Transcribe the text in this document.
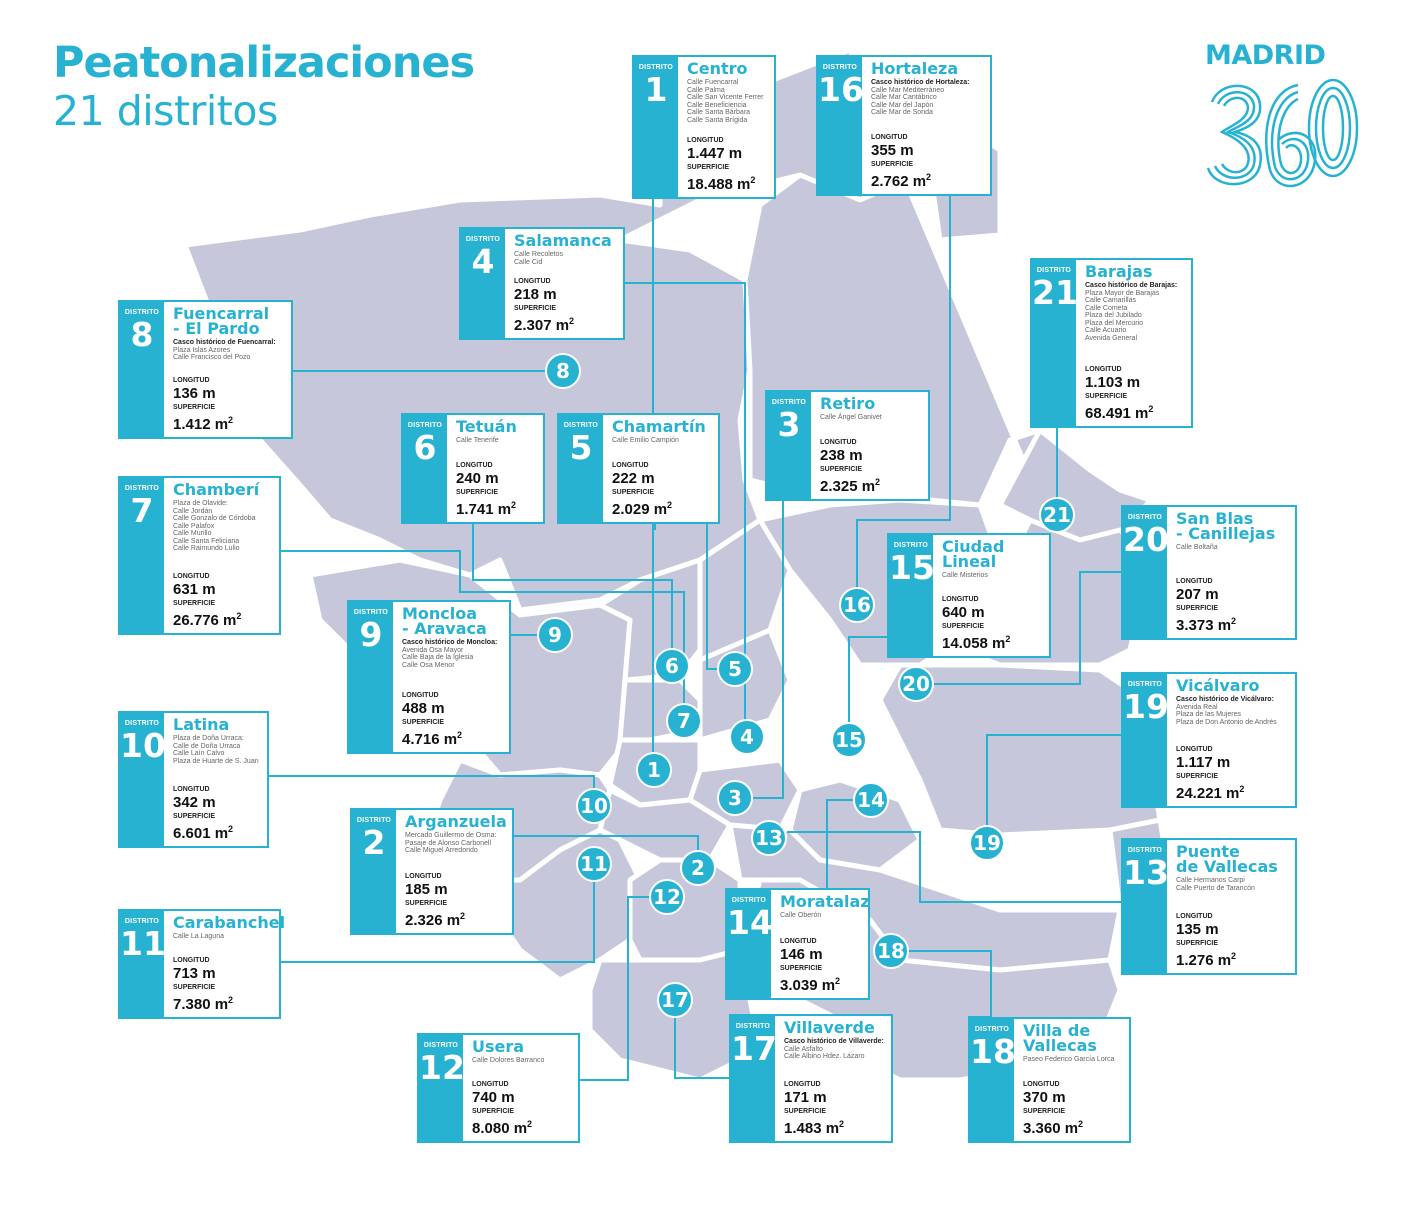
Peatonalizaciones
21 distritos
MADRID
DISTRITO
1
Centro
Calle Fuencarral
Calle Palma
Calle San Vicente Ferrer
Calle Beneficiencia
Calle Santa Bárbara
Calle Santa Brígida
LONGITUD
1.447 m
SUPERFICIE
18.488 $m^2$
DISTRITO
16
Hortaleza
Casco histórico de Hortaleza:
Calle Mar Mediterráneo
Calle Mar Cantábrico
Calle Mar del Japón
Calle Mar de Sonda
LONGITUD
355 m
SUPERFICIE
2.762 $m^2$
DISTRITO
4
Salamanca
Calle Recoletos
Calle Cid
LONGITUD
218 m
SUPERFICIE
2.307 $m^2$
DISTRITO
21
Barajas
Casco histórico de Barajas:
Plaza Mayor de Barajas
Calle Camarillas
Calle Cometa
Plaza del Jubilado
Plaza del Mercurio
Calle Acuario
Avenida General
LONGITUD
1.103 m
SUPERFICIE
68.491 $m^2$
DISTRITO
8
Fuencarral
- El Pardo
Casco histórico de Fuencarral:
Plaza Islas Azores
Calle Francisco del Pozo
LONGITUD
136 m
SUPERFICIE
1.412 $m^2$
DISTRITO
3
Retiro
Calle Ángel Ganivet
LONGITUD
238 m
SUPERFICIE
2.325 $m^2$
DISTRITO
6
Tetuán
Calle Tenerife
LONGITUD
240 m
SUPERFICIE
1.741 $m^2$
DISTRITO
5
Chamartín
Calle Emilio Campión
LONGITUD
222 m
SUPERFICIE
2.029 $m^2$
DISTRITO
7
Chamberí
Plaza de Olavide:
Calle Jordán
Calle Gonzalo de Córdoba
Calle Palafox
Calle Murillo
Calle Santa Feliciana
Calle Raimundo Lulio
LONGITUD
631 m
SUPERFICIE
26.776 $m^2$
DISTRITO
20
San Blas
- Canillejas
Calle Boltaña
LONGITUD
207 m
SUPERFICIE
3.373 $m^2$
DISTRITO
15
Ciudad
Lineal
Calle Misterios
LONGITUD
640 m
SUPERFICIE
14.058 $m^2$
DISTRITO
9
Moncloa
- Aravaca
Casco histórico de Moncloa:
Avenida Osa Mayor
Calle Baja de la Iglesia
Calle Osa Menor
LONGITUD
488 m
SUPERFICIE
4.716 $m^2$
DISTRITO
19
Vicálvaro
Casco histórico de Vicálvaro:
Avenida Real
Plaza de las Mujeres
Plaza de Don Antonio de Andrés
LONGITUD
1.117 m
SUPERFICIE
24.221 $m^2$
DISTRITO
10
Latina
Plaza de Doña Urraca:
Calle de Doña Urraca
Calle Laín Calvo
Plaza de Huarte de S. Juan
LONGITUD
342 m
SUPERFICIE
6.601 $m^2$
DISTRITO
2
Arganzuela
Mercado Guillermo de Osma:
Pasaje de Alonso Carbonell
Calle Miguel Arredondo
LONGITUD
185 m
SUPERFICIE
2.326 $m^2$
DISTRITO
13
Puente
de Vallecas
Calle Hermanos Carpi
Calle Puerto de Tarancón
LONGITUD
135 m
SUPERFICIE
1.276 $m^2$
DISTRITO
14
Moratalaz
Calle Oberón
LONGITUD
146 m
SUPERFICIE
3.039 $m^2$
DISTRITO
11
Carabanchel
Calle La Laguna
LONGITUD
713 m
SUPERFICIE
7.380 $m^2$
DISTRITO
12
Usera
Calle Dolores Barranco
LONGITUD
740 m
SUPERFICIE
8.080 $m^2$
DISTRITO
17
Villaverde
Casco histórico de Villaverde:
Calle Asfalto
Calle Albino Hdez. Lázaro
LONGITUD
171 m
SUPERFICIE
1.483 $m^2$
DISTRITO
18
Villa de
Vallecas
Paseo Federico García Lorca
LONGITUD
370 m
SUPERFICIE
3.360 $m^2$
8
21
6	5
9
16
20
7
4	15
1
3	14
10
13	19
11	2
12
18
17
